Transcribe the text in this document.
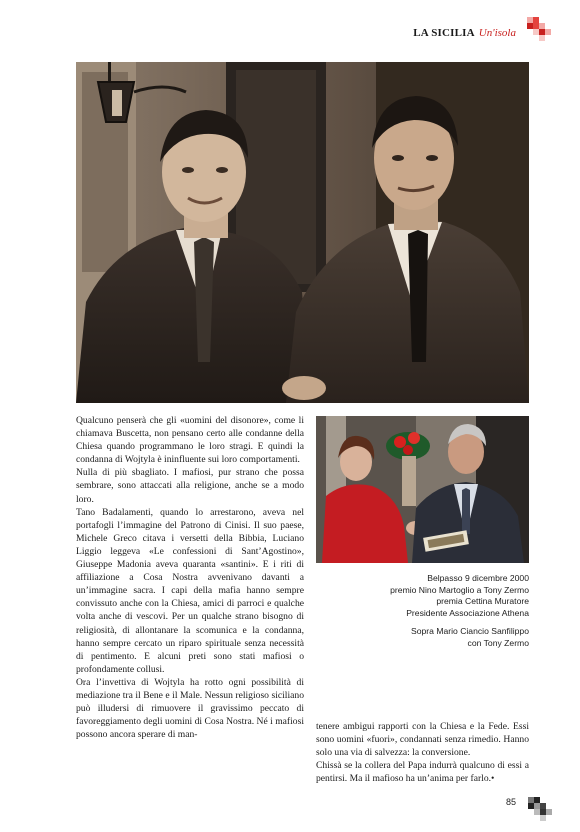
LA SICILIA Un'isola

Qualcuno penserà che gli «uomini del disonore», come li chiamava Buscetta, non pensano certo alle condanne della Chiesa quando programmano le loro stragi. E quindi la condanna di Wojtyla è ininfluente sui loro comportamenti.

Nulla di più sbagliato. I mafiosi, pur strano che possa sembrare, sono attaccati alla religione, anche se a modo loro.

Tano Badalamenti, quando lo arrestarono, aveva nel portafogli l’immagine del Patrono di Cinisi. Il suo paese, Michele Greco citava i versetti della Bibbia, Luciano Liggio leggeva «Le confessioni di Sant’Agostino», Giuseppe Madonia aveva quaranta «santini». E i riti di affiliazione a Cosa Nostra avvenivano davanti a un’immagine sacra. I capi della mafia hanno sempre convissuto anche con la Chiesa, amici di parroci e qualche volta anche di vescovi. Per un qualche strano bisogno di religiosità, di allontanare la scomunica e la condanna, hanno sempre cercato un riparo spirituale senza necessità di pentimento. E alcuni preti sono stati mafiosi o profondamente collusi.

Ora l’invettiva di Wojtyla ha rotto ogni possibilità di mediazione tra il Bene e il Male. Nessun religioso siciliano può illudersi di rimuovere il gravissimo peccato di favoreggiamento degli uomini di Cosa Nostra. Né i mafiosi possono ancora sperare di man-

Belpasso 9 dicembre 2000
premio Nino Martoglio a Tony Zermo
premia Cettina Muratore
Presidente Associazione Athena
Sopra Mario Ciancio Sanfilippo
con Tony Zermo

tenere ambigui rapporti con la Chiesa e la Fede. Essi sono uomini «fuori», condannati senza rimedio. Hanno solo una via di salvezza: la conversione.

Chissà se la collera del Papa indurrà qualcuno di essi a pentirsi. Ma il mafioso ha un’anima per farlo.•

85
